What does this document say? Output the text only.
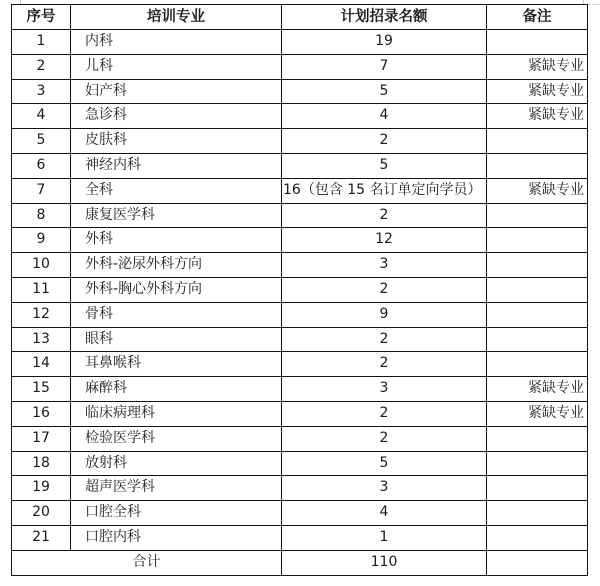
序号	培训专业	计划招录名额	备注
1	内科	19	
2	儿科	7	紧缺专业
3	妇产科	5	紧缺专业
4	急诊科	4	紧缺专业
5	皮肤科	2	
6	神经内科	5	
7	全科	16（包含 15 名订单定向学员）	紧缺专业
8	康复医学科	2	
9	外科	12	
10	外科-泌尿外科方向	3	
11	外科-胸心外科方向	2	
12	骨科	9	
13	眼科	2	
14	耳鼻喉科	2	
15	麻醉科	3	紧缺专业
16	临床病理科	2	紧缺专业
17	检验医学科	2	
18	放射科	5	
19	超声医学科	3	
20	口腔全科	4	
21	口腔内科	1	
合计		110	
